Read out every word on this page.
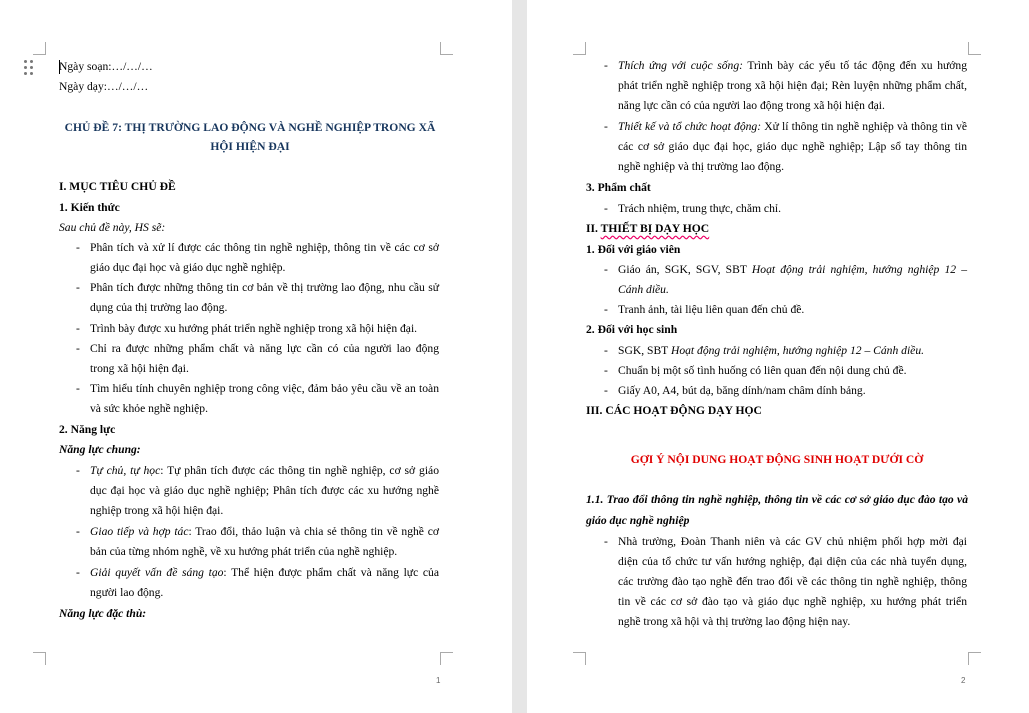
Ngày soạn:…/…/…
Ngày dạy:…/…/…
CHỦ ĐỀ 7: THỊ TRƯỜNG LAO ĐỘNG VÀ NGHỀ NGHIỆP TRONG XÃ
HỘI HIỆN ĐẠI
I. MỤC TIÊU CHỦ ĐỀ
1. Kiến thức
Sau chủ đề này, HS sẽ:
- Phân tích và xử lí được các thông tin nghề nghiệp, thông tin về các cơ sở
giáo dục đại học và giáo dục nghề nghiệp.
- Phân tích được những thông tin cơ bản về thị trường lao động, nhu cầu sử
dụng của thị trường lao động.
- Trình bày được xu hướng phát triển nghề nghiệp trong xã hội hiện đại.
- Chỉ ra được những phẩm chất và năng lực cần có của người lao động
trong xã hội hiện đại.
- Tìm hiểu tính chuyên nghiệp trong công việc, đảm bảo yêu cầu về an toàn
và sức khỏe nghề nghiệp.
2. Năng lực
Năng lực chung:
- Tự chủ, tự học: Tự phân tích được các thông tin nghề nghiệp, cơ sở giáo
dục đại học và giáo dục nghề nghiệp; Phân tích được các xu hướng nghề
nghiệp trong xã hội hiện đại.
- Giao tiếp và hợp tác: Trao đổi, thảo luận và chia sẻ thông tin về nghề cơ
bản của từng nhóm nghề, về xu hướng phát triển của nghề nghiệp.
- Giải quyết vấn đề sáng tạo: Thể hiện được phẩm chất và năng lực của
người lao động.
Năng lực đặc thù:
1
- Thích ứng với cuộc sống: Trình bày các yếu tố tác động đến xu hướng
phát triển nghề nghiệp trong xã hội hiện đại; Rèn luyện những phẩm chất,
năng lực cần có của người lao động trong xã hội hiện đại.
- Thiết kế và tổ chức hoạt động: Xử lí thông tin nghề nghiệp và thông tin về
các cơ sở giáo dục đại học, giáo dục nghề nghiệp; Lập sổ tay thông tin
nghề nghiệp và thị trường lao động.
3. Phẩm chất
- Trách nhiệm, trung thực, chăm chỉ.
II. THIẾT BỊ DẠY HỌC
1. Đối với giáo viên
- Giáo án, SGK, SGV, SBT Hoạt động trải nghiệm, hướng nghiệp 12 –
Cánh diều.
- Tranh ảnh, tài liệu liên quan đến chủ đề.
2. Đối với học sinh
- SGK, SBT Hoạt động trải nghiệm, hướng nghiệp 12 – Cánh diều.
- Chuẩn bị một số tình huống có liên quan đến nội dung chủ đề.
- Giấy A0, A4, bút dạ, băng dính/nam châm dính bảng.
III. CÁC HOẠT ĐỘNG DẠY HỌC
GỢI Ý NỘI DUNG HOẠT ĐỘNG SINH HOẠT DƯỚI CỜ
1.1. Trao đổi thông tin nghề nghiệp, thông tin về các cơ sở giáo dục đào tạo và
giáo dục nghề nghiệp
- Nhà trường, Đoàn Thanh niên và các GV chủ nhiệm phối hợp mời đại
diện của tổ chức tư vấn hướng nghiệp, đại diện của các nhà tuyển dụng,
các trường đào tạo nghề đến trao đổi về các thông tin nghề nghiệp, thông
tin về các cơ sở đào tạo và giáo dục nghề nghiệp, xu hướng phát triển
nghề trong xã hội và thị trường lao động hiện nay.
2
